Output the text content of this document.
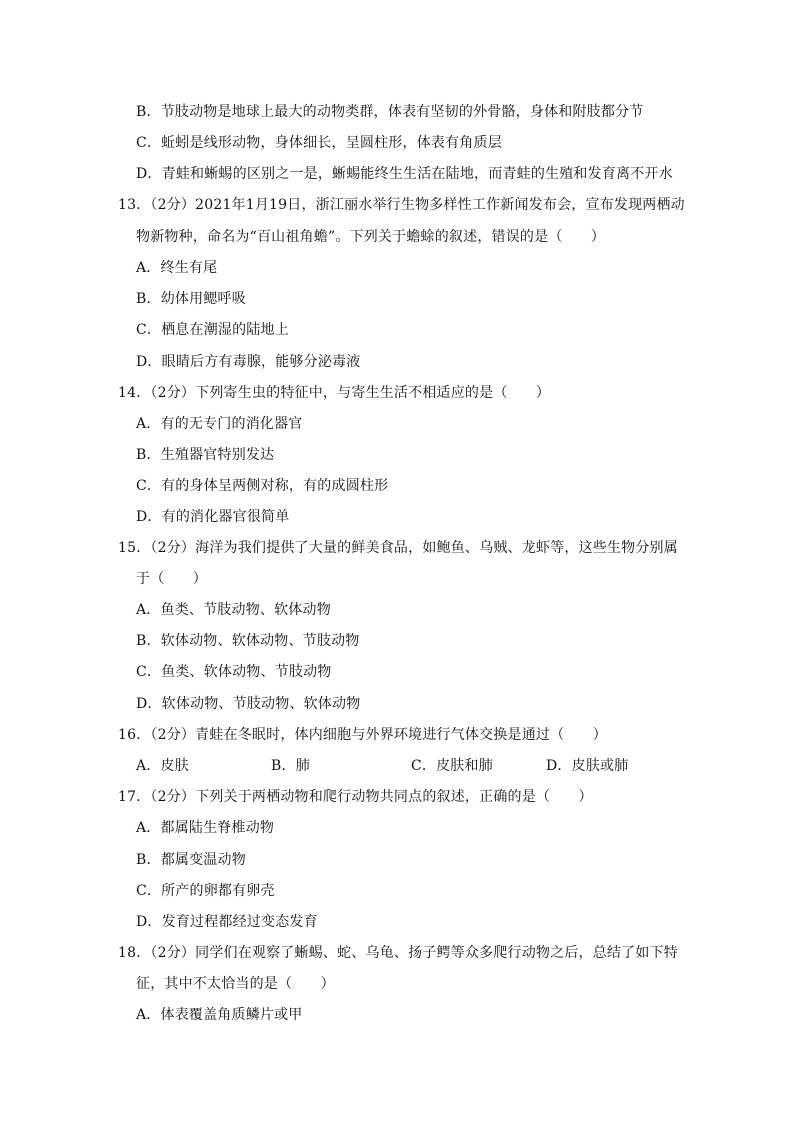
B．节肢动物是地球上最大的动物类群，体表有坚韧的外骨骼，身体和附肢都分节
C．蚯蚓是线形动物，身体细长，呈圆柱形，体表有角质层
D．青蛙和蜥蜴的区别之一是，蜥蜴能终生生活在陆地，而青蛙的生殖和发育离不开水
13．（2分）2021年1月19日，浙江丽水举行生物多样性工作新闻发布会，宣布发现两栖动
物新物种，命名为“百山祖角蟾”。下列关于蟾蜍的叙述，错误的是（　　）
A．终生有尾
B．幼体用鳃呼吸
C．栖息在潮湿的陆地上
D．眼睛后方有毒腺，能够分泌毒液
14．（2分）下列寄生虫的特征中，与寄生生活不相适应的是（　　）
A．有的无专门的消化器官
B．生殖器官特别发达
C．有的身体呈两侧对称，有的成圆柱形
D．有的消化器官很简单
15．（2分）海洋为我们提供了大量的鲜美食品，如鲍鱼、乌贼、龙虾等，这些生物分别属
于（　　）
A．鱼类、节肢动物、软体动物
B．软体动物、软体动物、节肢动物
C．鱼类、软体动物、节肢动物
D．软体动物、节肢动物、软体动物
16．（2分）青蛙在冬眠时，体内细胞与外界环境进行气体交换是通过（　　）
A．皮肤	B．肺	C．皮肤和肺	D．皮肤或肺
17．（2分）下列关于两栖动物和爬行动物共同点的叙述，正确的是（　　）
A．都属陆生脊椎动物
B．都属变温动物
C．所产的卵都有卵壳
D．发育过程都经过变态发育
18．（2分）同学们在观察了蜥蜴、蛇、乌龟、扬子鳄等众多爬行动物之后，总结了如下特
征，其中不太恰当的是（　　）
A．体表覆盖角质鳞片或甲
